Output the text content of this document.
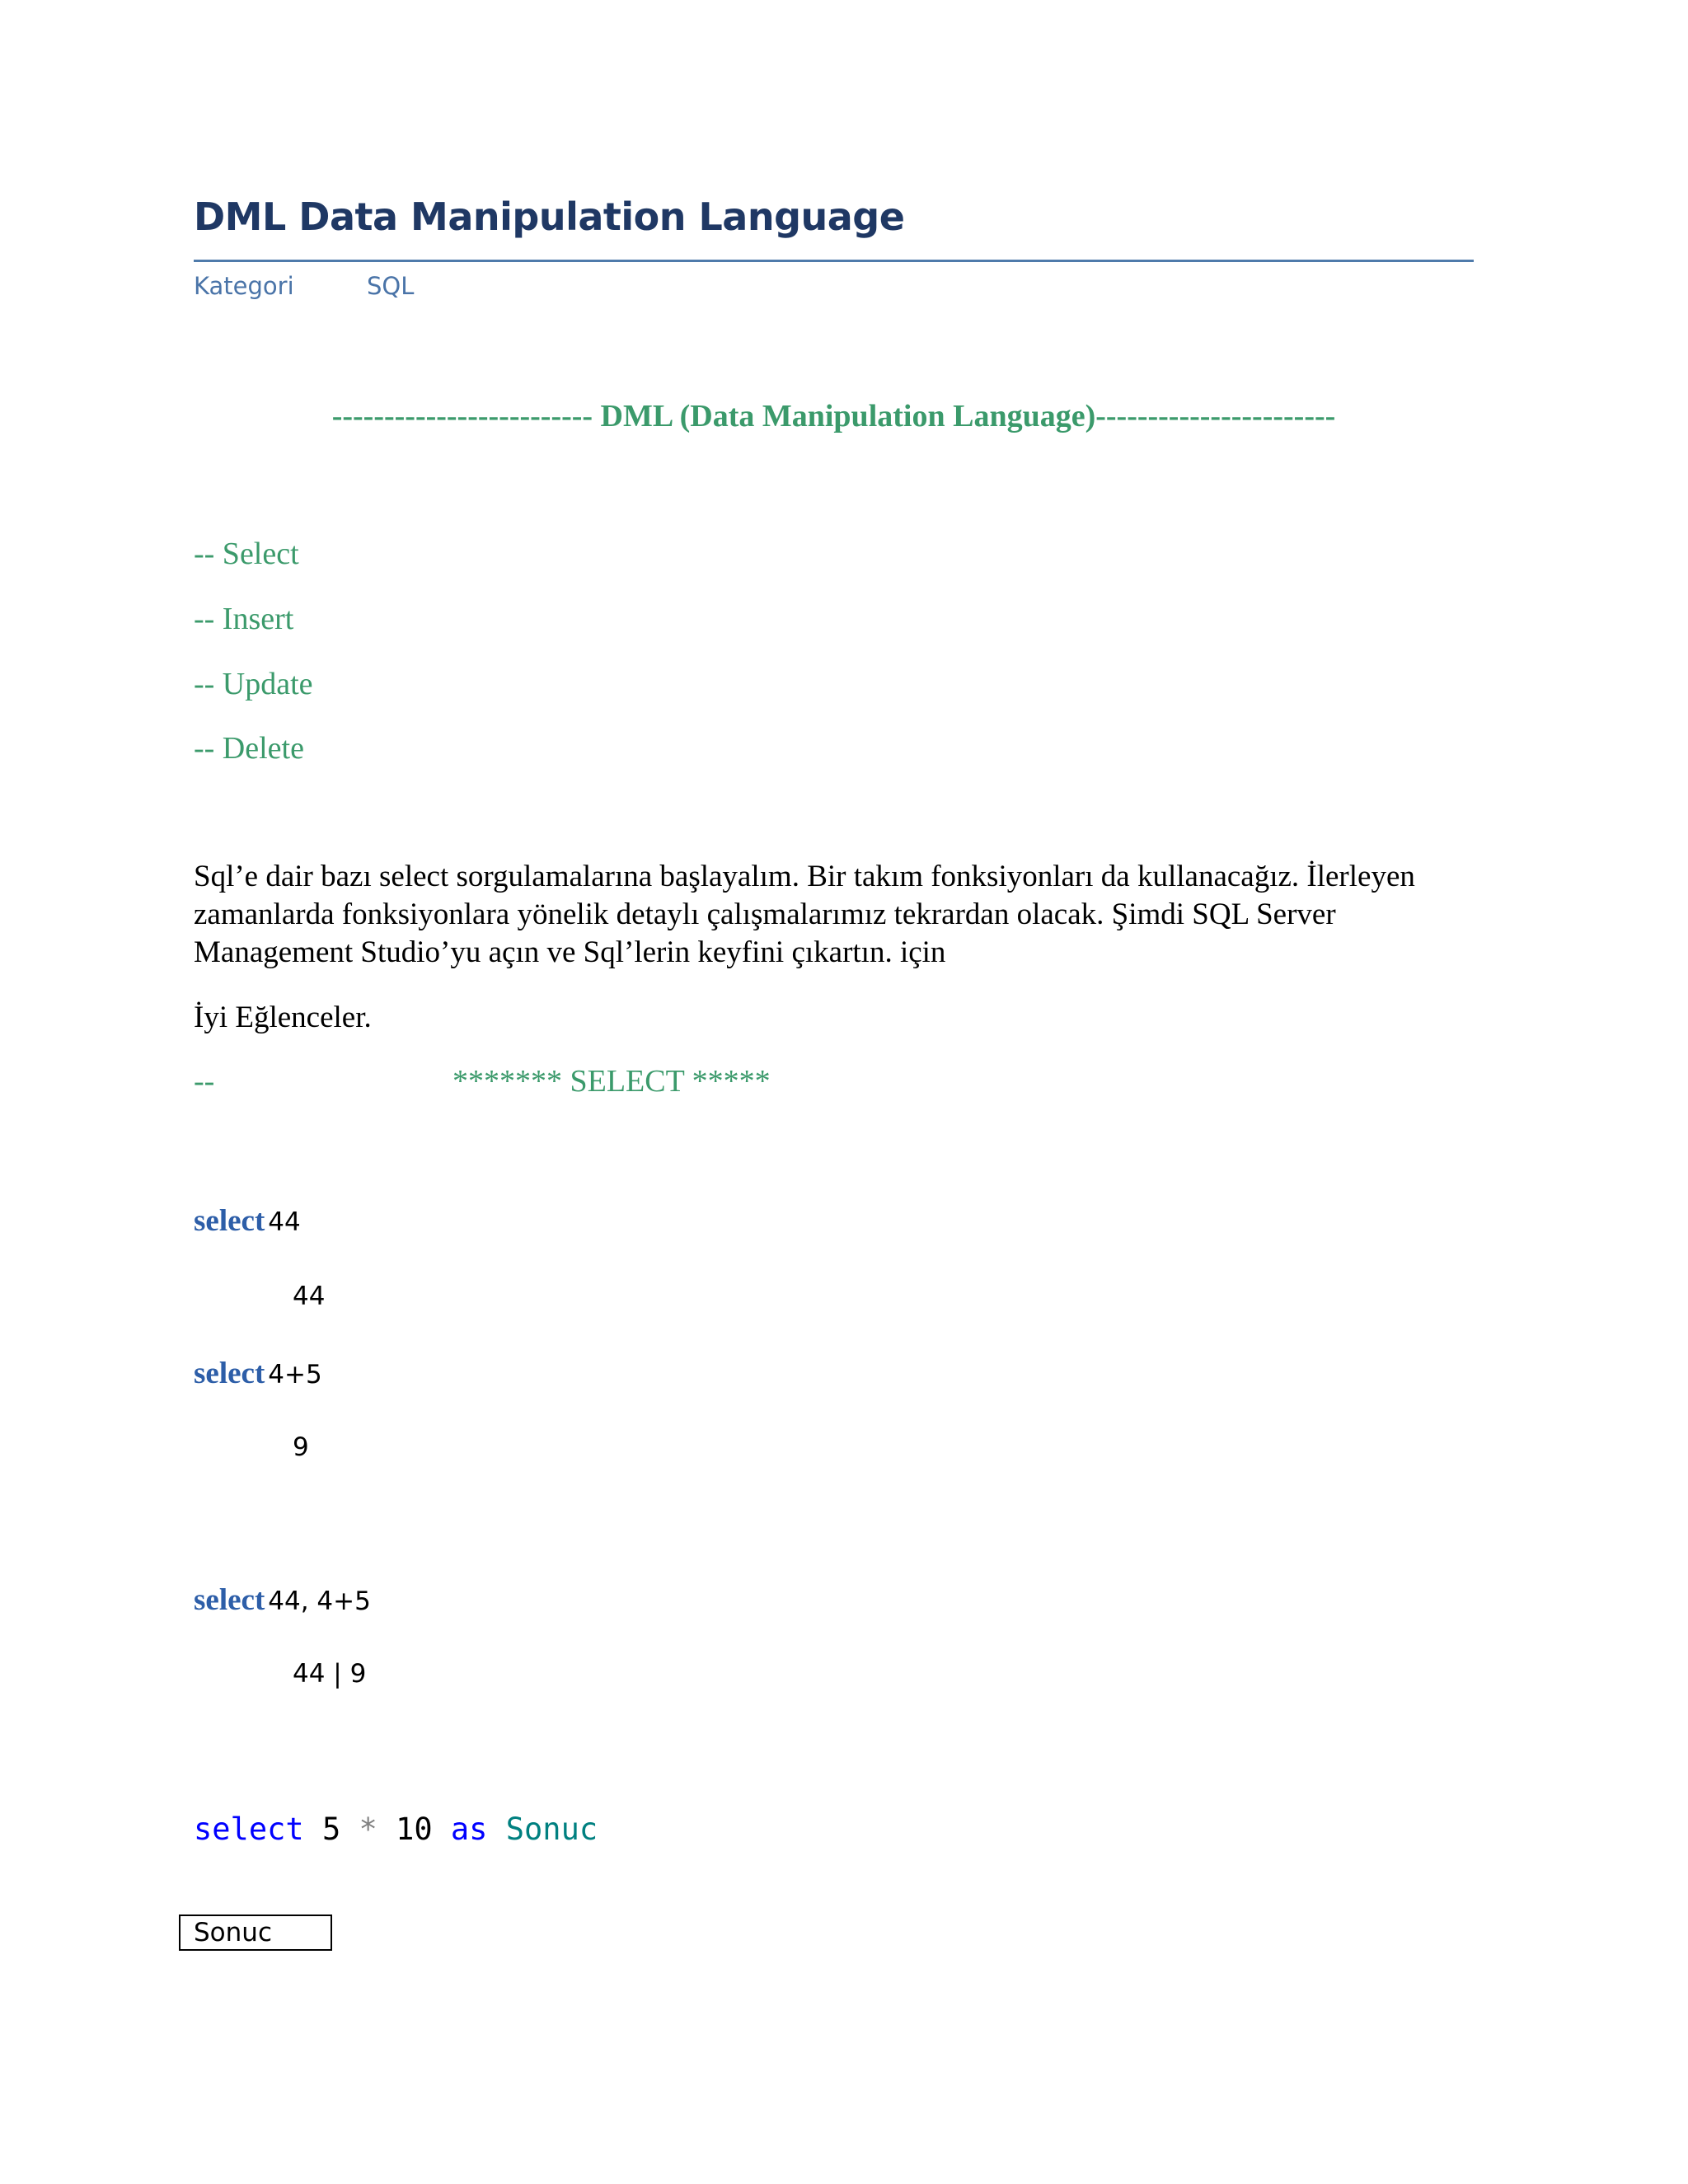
DML Data Manipulation Language
Kategori	SQL
------------------------- DML (Data Manipulation Language)-----------------------
-- Select
-- Insert
-- Update
-- Delete
Sql’e dair bazı select sorgulamalarına başlayalım. Bir takım fonksiyonları da kullanacağız. İlerleyen zamanlarda fonksiyonlara yönelik detaylı çalışmalarımız tekrardan olacak. Şimdi SQL Server Management Studio’yu açın ve Sql’lerin keyfini çıkartın. için
İyi Eğlenceler.
--	******* SELECT *****
select 44
44
select 4+5
9
select 44, 4+5
44 | 9
select 5 * 10 as Sonuc
Sonuc
